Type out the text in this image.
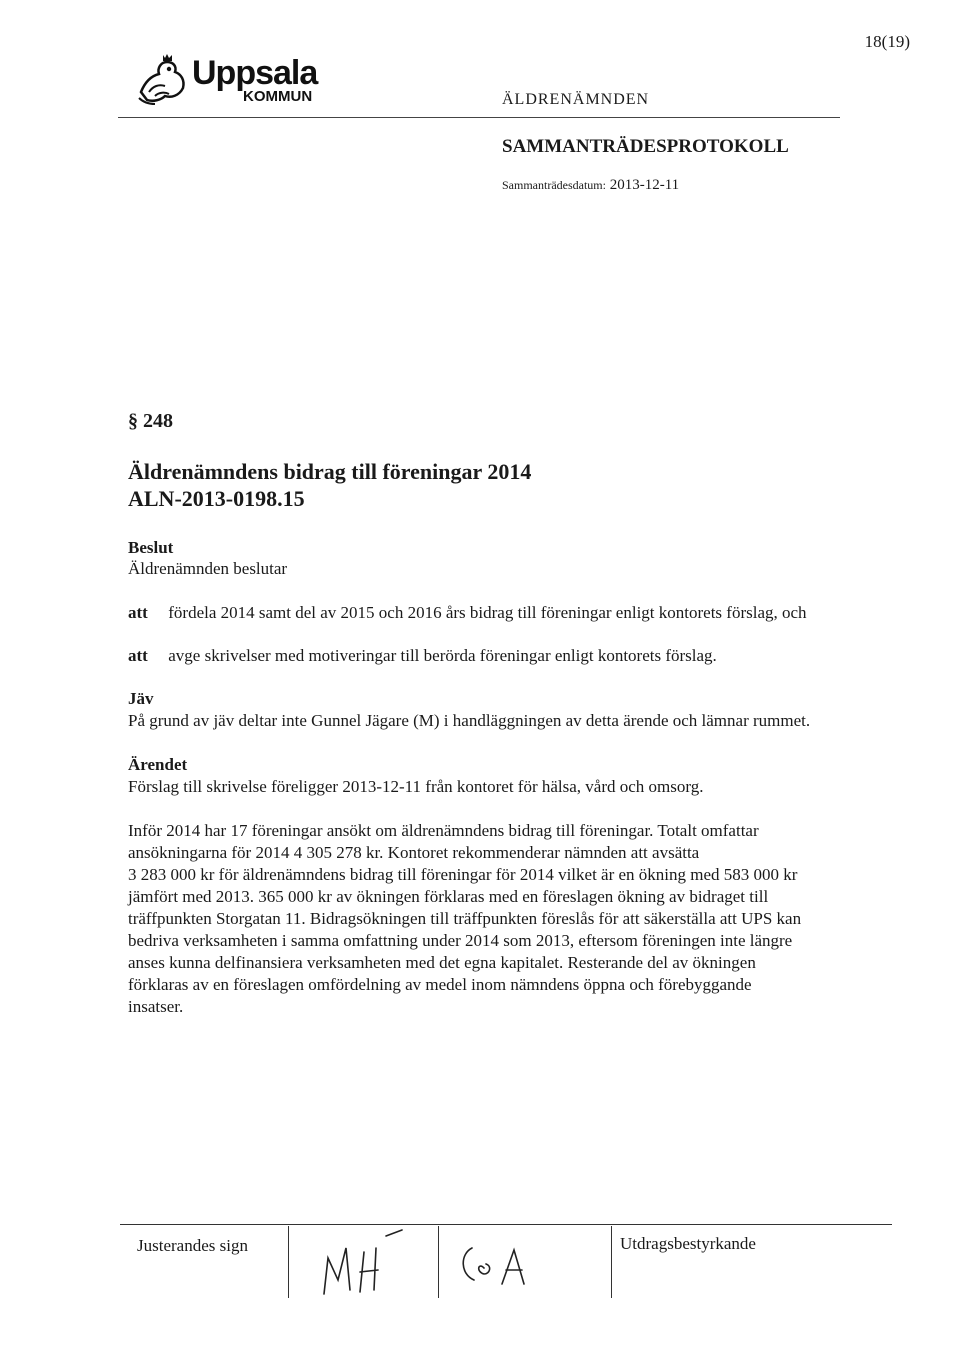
18(19)
Uppsala
KOMMUN	ÄLDRENÄMNDEN
SAMMANTRÄDESPROTOKOLL
Sammanträdesdatum: 2013-12-11
§ 248
Äldrenämndens bidrag till föreningar 2014
ALN-2013-0198.15
Beslut
Äldrenämnden beslutar
att fördela 2014 samt del av 2015 och 2016 års bidrag till föreningar enligt kontorets förslag, och
att avge skrivelser med motiveringar till berörda föreningar enligt kontorets förslag.
Jäv
På grund av jäv deltar inte Gunnel Jägare (M) i handläggningen av detta ärende och lämnar rummet.
Ärendet
Förslag till skrivelse föreligger 2013-12-11 från kontoret för hälsa, vård och omsorg.
Inför 2014 har 17 föreningar ansökt om äldrenämndens bidrag till föreningar. Totalt omfattar
ansökningarna för 2014 4 305 278 kr. Kontoret rekommenderar nämnden att avsätta
3 283 000 kr för äldrenämndens bidrag till föreningar för 2014 vilket är en ökning med 583 000 kr
jämfört med 2013. 365 000 kr av ökningen förklaras med en föreslagen ökning av bidraget till
träffpunkten Storgatan 11. Bidragsökningen till träffpunkten föreslås för att säkerställa att UPS kan
bedriva verksamheten i samma omfattning under 2014 som 2013, eftersom föreningen inte längre
anses kunna delfinansiera verksamheten med det egna kapitalet. Resterande del av ökningen
förklaras av en föreslagen omfördelning av medel inom nämndens öppna och förebyggande
insatser.
Justerandes sign	Utdragsbestyrkande
